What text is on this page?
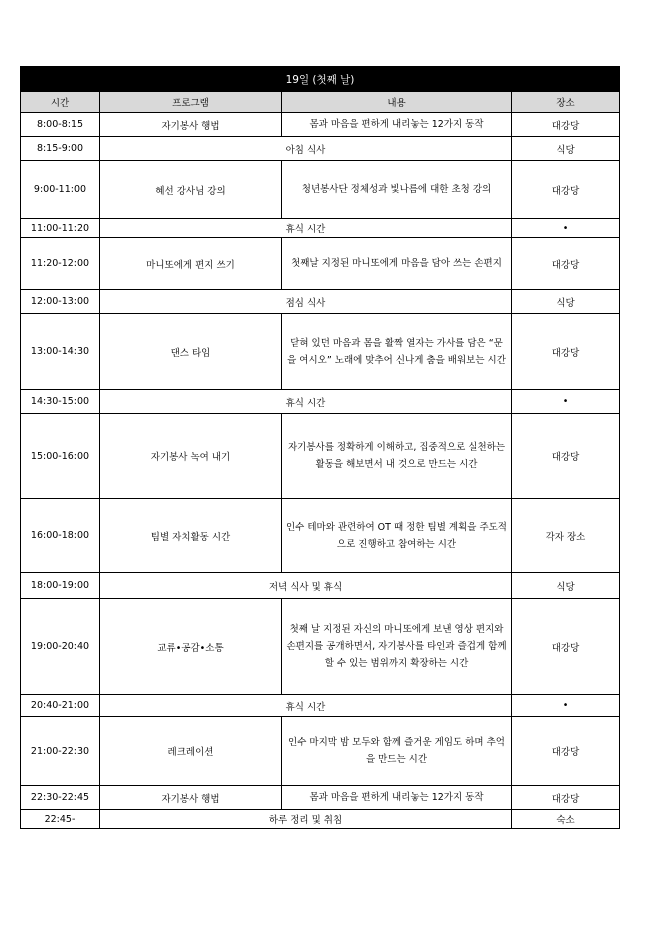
19일 (첫째 날)			
시간	프로그램	내용	장소
8:00-8:15	자기봉사 행법	몸과 마음을 편하게 내리놓는 12가지 동작	대강당
8:15-9:00	아침 식사		식당
9:00-11:00	혜선 강사님 강의	청년봉사단 정체성과 빛나름에 대한 초청 강의	대강당
11:00-11:20	휴식 시간		•
11:20-12:00	마니또에게 편지 쓰기	첫째날 지정된 마니또에게 마음을 담아 쓰는 손편지	대강당
12:00-13:00	점심 식사		식당
13:00-14:30	댄스 타임	닫혀 있던 마음과 몸을 활짝 열자는 가사를 담은 “문을 여시오” 노래에 맞추어 신나게 춤을 배워보는 시간	대강당
14:30-15:00	휴식 시간		•
15:00-16:00	자기봉사 녹여 내기	자기봉사를 정확하게 이해하고, 집중적으로 실천하는 활동을 해보면서 내 것으로 만드는 시간	대강당
16:00-18:00	팀별 자치활동 시간	인수 테마와 관련하여 OT 때 정한 팀별 계획을 주도적으로 진행하고 참여하는 시간	각자 장소
18:00-19:00	저녁 식사 및 휴식		식당
19:00-20:40	교류•공감•소통	첫째 날 지정된 자신의 마니또에게 보낸 영상 편지와 손편지를 공개하면서, 자기봉사를 타인과 즐겁게 함께할 수 있는 범위까지 확장하는 시간	대강당
20:40-21:00	휴식 시간		•
21:00-22:30	레크레이션	인수 마지막 밤 모두와 함께 즐거운 게임도 하며 추억을 만드는 시간	대강당
22:30-22:45	자기봉사 행법	몸과 마음을 편하게 내리놓는 12가지 동작	대강당
22:45-	하루 정리 및 취침		숙소
